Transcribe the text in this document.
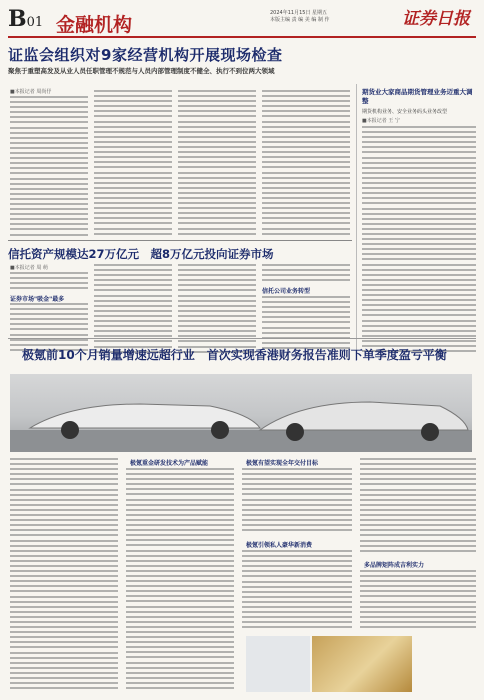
B01 金融机构
2024年11月15日 星期五
本版主编 责 编 美 编 制 作	证券日报
证监会组织对9家经营机构开展现场检查
聚焦于重塑高发及从业人员任职管理不规范与人员内部管理制度不健全、执行不到位两大领域
■本报记者 周尚伃	期货业大家商品期货管理业务迈重大调整
期货机构业务、安全业务码头业务改型
■本报记者 王 宁
信托资产规模达27万亿元　超8万亿元投向证券市场
■本报记者 周 萌
证券市场"吸金"最多
信托公司业务转型
极氪前10个月销量增速远超行业　首次实现香港财务报告准则下单季度盈亏平衡
极氪重金研发技术为产品赋能	极氪有望实现全年交付目标
极氪引领私人豪华新消费
多品牌矩阵成吉利实力
